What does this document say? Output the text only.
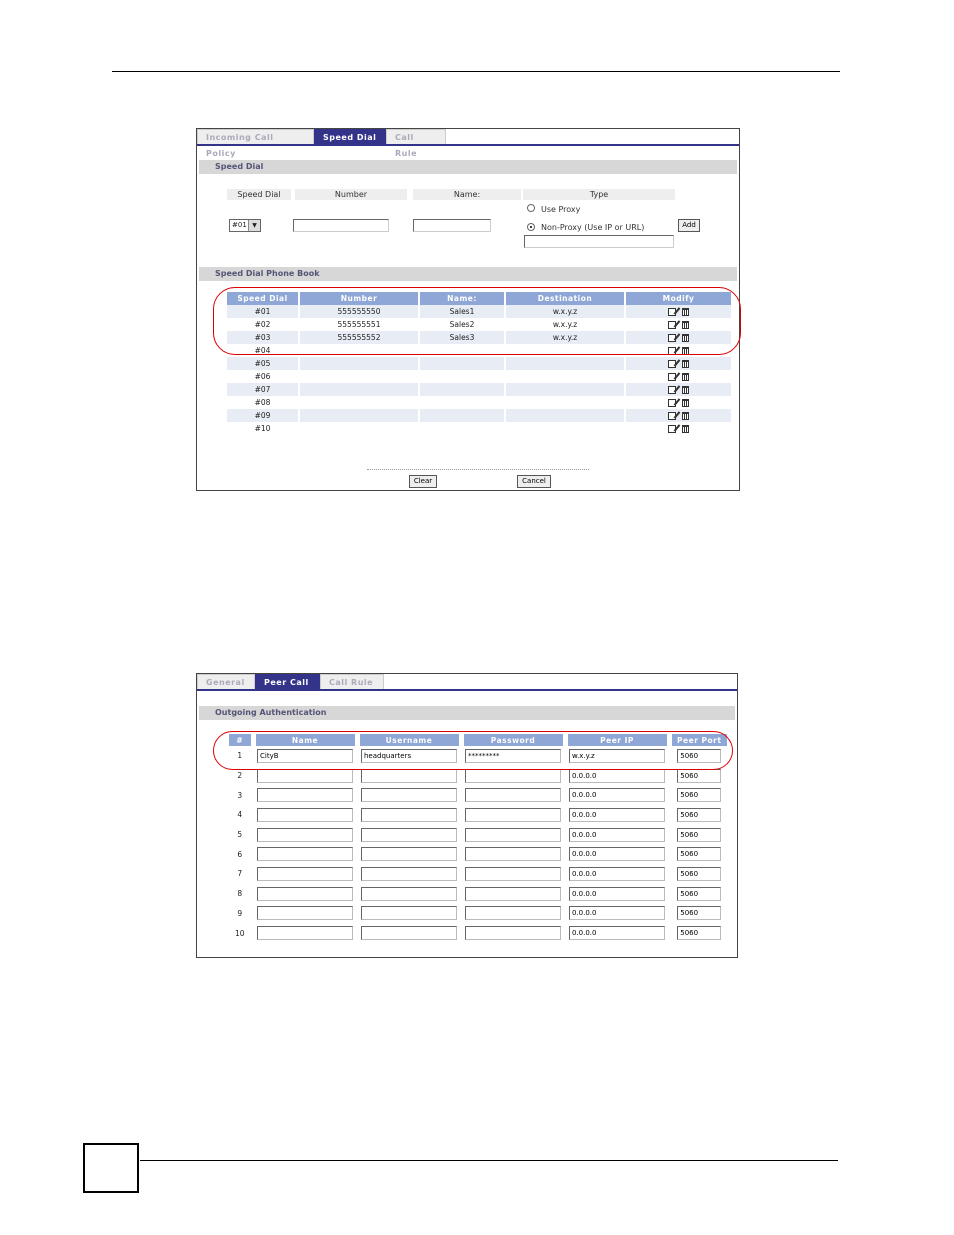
Incoming Call Policy
Speed Dial	Call Rule
Speed Dial
Speed Dial	Number	Name:	Type
#01 ▼
Use Proxy
Non-Proxy (Use IP or URL)	Add
Speed Dial Phone Book
Speed Dial	Number	Name:	Destination	Modify
#01	555555550	Sales1	w.x.y.z	
#02	555555551	Sales2	w.x.y.z	
#03	555555552	Sales3	w.x.y.z	
#04				
#05				
#06				
#07				
#08				
#09				
#10				
Clear	Cancel
General	Peer Call	Call Rule
Outgoing Authentication
#	Name	Username	Password	Peer IP	Peer Port
1	CityB	headquarters	*********	w.x.y.z	5060

2				0.0.0.0	5060

3				0.0.0.0	5060

4				0.0.0.0	5060

5				0.0.0.0	5060

6				0.0.0.0	5060

7				0.0.0.0	5060

8				0.0.0.0	5060

9				0.0.0.0	5060

10				0.0.0.0	5060
